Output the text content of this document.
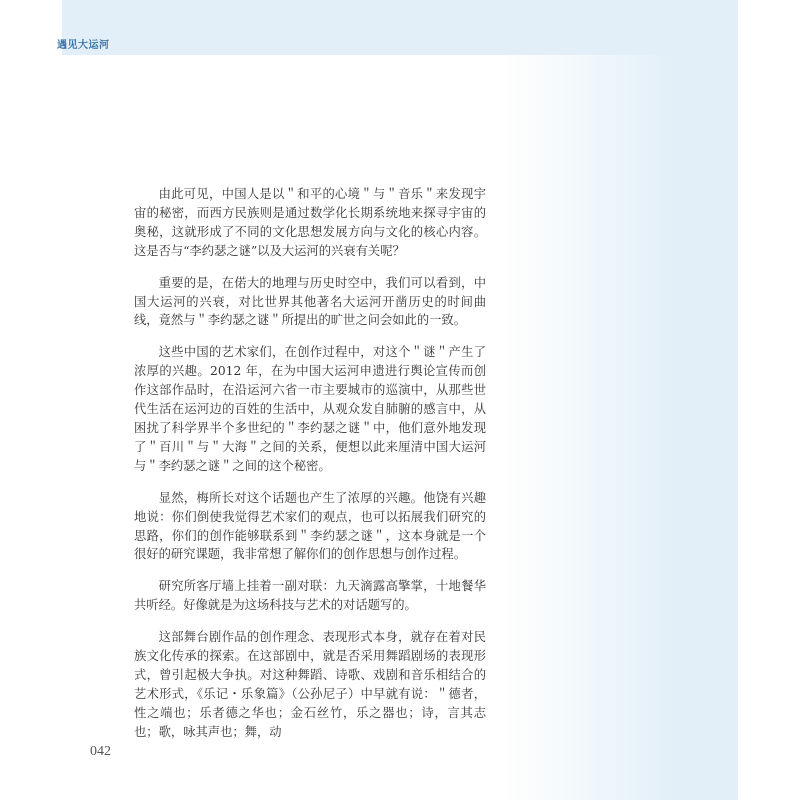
遇见大运河

由此可见，中国人是以＂和平的心境＂与＂音乐＂来发现宇宙的秘密，而西方民族则是通过数学化长期系统地来探寻宇宙的奥秘，这就形成了不同的文化思想发展方向与文化的核心内容。这是否与“李约瑟之谜”以及大运河的兴衰有关呢？

重要的是，在偌大的地理与历史时空中，我们可以看到，中国大运河的兴衰，对比世界其他著名大运河开凿历史的时间曲线，竟然与＂李约瑟之谜＂所提出的旷世之问会如此的一致。

这些中国的艺术家们，在创作过程中，对这个＂谜＂产生了浓厚的兴趣。2012 年，在为中国大运河申遗进行舆论宣传而创作这部作品时，在沿运河六省一市主要城市的巡演中，从那些世代生活在运河边的百姓的生活中，从观众发自肺腑的感言中，从困扰了科学界半个多世纪的＂李约瑟之谜＂中，他们意外地发现了＂百川＂与＂大海＂之间的关系，便想以此来厘清中国大运河与＂李约瑟之谜＂之间的这个秘密。

显然，梅所长对这个话题也产生了浓厚的兴趣。他饶有兴趣地说：你们倒使我觉得艺术家们的观点，也可以拓展我们研究的思路，你们的创作能够联系到＂李约瑟之谜＂，这本身就是一个很好的研究课题，我非常想了解你们的创作思想与创作过程。

研究所客厅墙上挂着一副对联：九天滴露高擎掌，十地餐华共听经。好像就是为这场科技与艺术的对话题写的。

这部舞台剧作品的创作理念、表现形式本身，就存在着对民族文化传承的探索。在这部剧中，就是否采用舞蹈剧场的表现形式，曾引起极大争执。对这种舞蹈、诗歌、戏剧和音乐相结合的艺术形式，《乐记・乐象篇》（公孙尼子）中早就有说：＂德者，性之端也；乐者德之华也；金石丝竹，乐之器也；诗，言其志也；歌，咏其声也；舞，动

042
